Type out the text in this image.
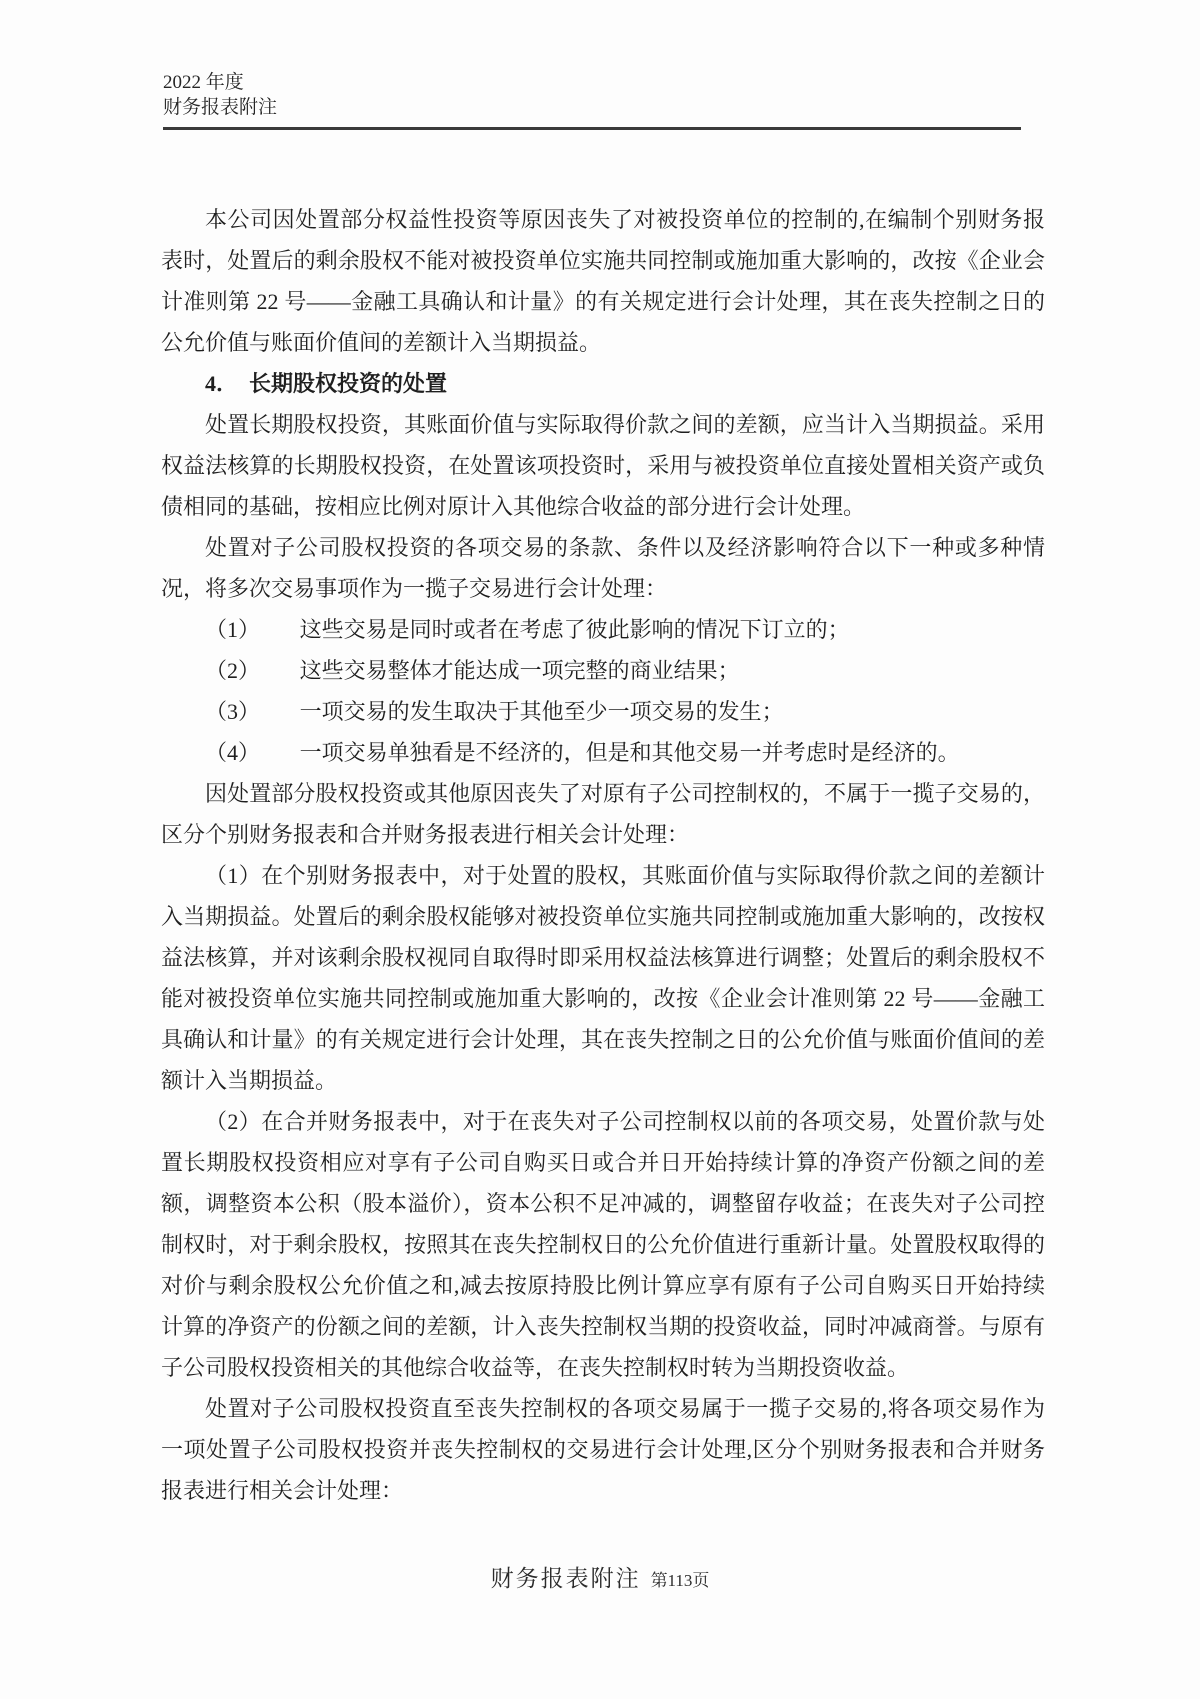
2022 年度
财务报表附注

本公司因处置部分权益性投资等原因丧失了对被投资单位的控制的,在编制个别财务报表时，处置后的剩余股权不能对被投资单位实施共同控制或施加重大影响的，改按《企业会计准则第 22 号——金融工具确认和计量》的有关规定进行会计处理，其在丧失控制之日的公允价值与账面价值间的差额计入当期损益。

4． 长期股权投资的处置

处置长期股权投资，其账面价值与实际取得价款之间的差额，应当计入当期损益。采用权益法核算的长期股权投资，在处置该项投资时，采用与被投资单位直接处置相关资产或负债相同的基础，按相应比例对原计入其他综合收益的部分进行会计处理。

处置对子公司股权投资的各项交易的条款、条件以及经济影响符合以下一种或多种情况，将多次交易事项作为一揽子交易进行会计处理：

（1） 这些交易是同时或者在考虑了彼此影响的情况下订立的；

（2） 这些交易整体才能达成一项完整的商业结果；

（3） 一项交易的发生取决于其他至少一项交易的发生；

（4） 一项交易单独看是不经济的，但是和其他交易一并考虑时是经济的。

因处置部分股权投资或其他原因丧失了对原有子公司控制权的，不属于一揽子交易的，区分个别财务报表和合并财务报表进行相关会计处理：

（1）在个别财务报表中，对于处置的股权，其账面价值与实际取得价款之间的差额计入当期损益。处置后的剩余股权能够对被投资单位实施共同控制或施加重大影响的，改按权益法核算，并对该剩余股权视同自取得时即采用权益法核算进行调整；处置后的剩余股权不能对被投资单位实施共同控制或施加重大影响的，改按《企业会计准则第 22 号——金融工具确认和计量》的有关规定进行会计处理，其在丧失控制之日的公允价值与账面价值间的差额计入当期损益。

（2）在合并财务报表中，对于在丧失对子公司控制权以前的各项交易，处置价款与处置长期股权投资相应对享有子公司自购买日或合并日开始持续计算的净资产份额之间的差额，调整资本公积（股本溢价），资本公积不足冲减的，调整留存收益；在丧失对子公司控制权时，对于剩余股权，按照其在丧失控制权日的公允价值进行重新计量。处置股权取得的对价与剩余股权公允价值之和,减去按原持股比例计算应享有原有子公司自购买日开始持续计算的净资产的份额之间的差额，计入丧失控制权当期的投资收益，同时冲减商誉。与原有子公司股权投资相关的其他综合收益等，在丧失控制权时转为当期投资收益。

处置对子公司股权投资直至丧失控制权的各项交易属于一揽子交易的,将各项交易作为一项处置子公司股权投资并丧失控制权的交易进行会计处理,区分个别财务报表和合并财务报表进行相关会计处理：

财务报表附注 第113页
